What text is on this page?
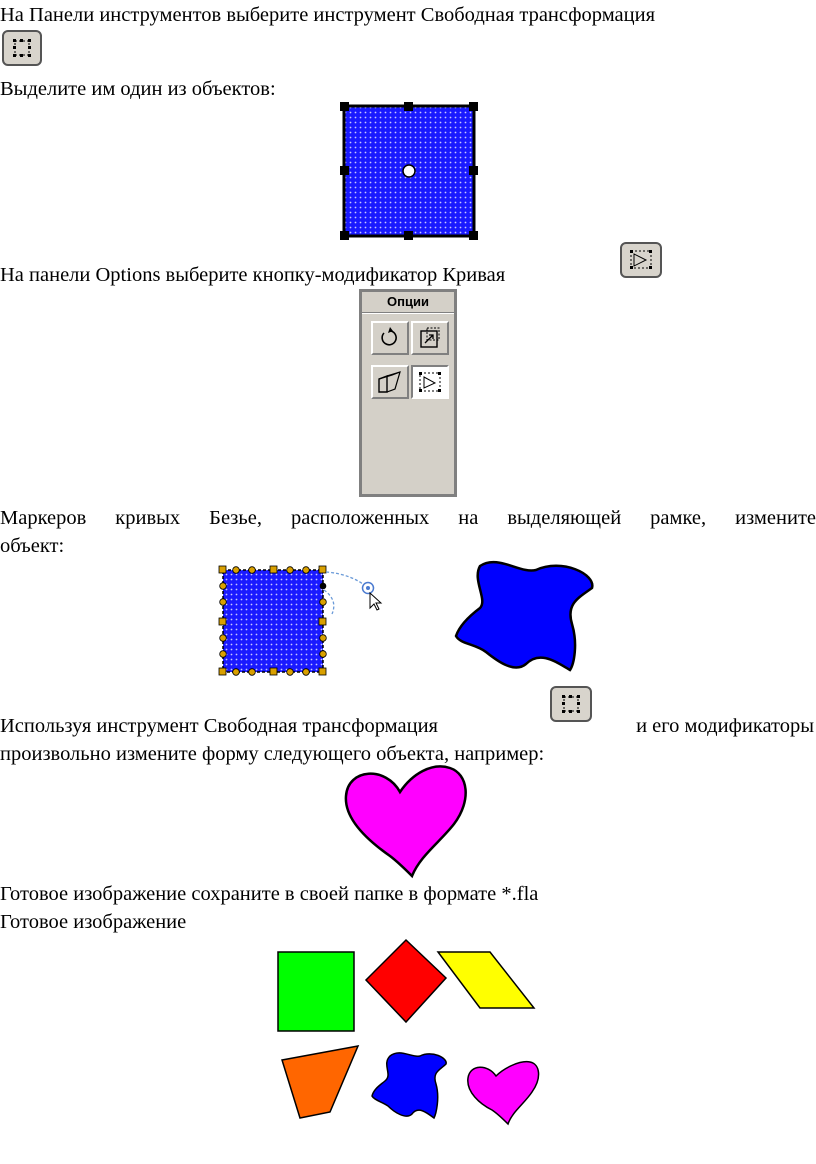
На Панели инструментов выберите инструмент Свободная трансформация
Выделите им один из объектов:
На панели Options выберите кнопку-модификатор Кривая
Опции
Маркеров кривых Безье, расположенных на выделяющей рамке, измените
объект:
Используя инструмент Свободная трансформация	и его модификаторы
произвольно измените форму следующего объекта, например:
Готовое изображение сохраните в своей папке в формате *.fla
Готовое изображение
